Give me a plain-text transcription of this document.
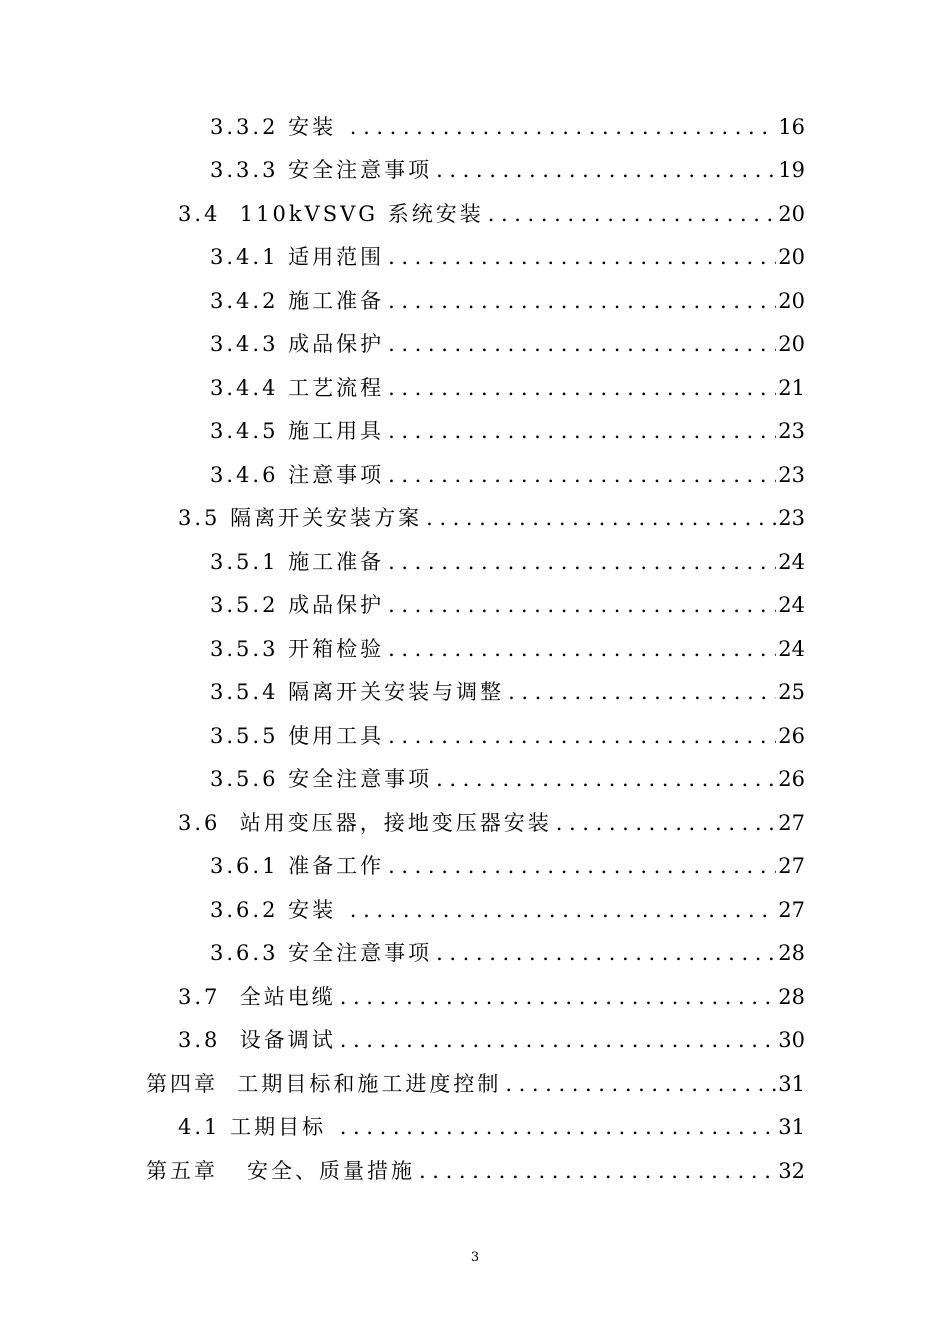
3.3.2 安装 .....	16
3.3.3 安全注意事项 .....	19
3.4  110kVSVG 系统安装 .....	20
3.4.1 适用范围 .....	20
3.4.2 施工准备 .....	20
3.4.3 成品保护 .....	20
3.4.4 工艺流程 .....	21
3.4.5 施工用具 .....	23
3.4.6 注意事项 .....	23
3.5 隔离开关安装方案 .....	23
3.5.1 施工准备 .....	24
3.5.2 成品保护 .....	24
3.5.3 开箱检验 .....	24
3.5.4 隔离开关安装与调整 .....	25
3.5.5 使用工具 .....	26
3.5.6 安全注意事项 .....	26
3.6  站用变压器，接地变压器安装 .....	27
3.6.1 准备工作 .....	27
3.6.2 安装 .....	27
3.6.3 安全注意事项 .....	28
3.7  全站电缆 .....	28
3.8  设备调试 .....	30
第四章  工期目标和施工进度控制 .....	31
4.1 工期目标 .....	31
第五章   安全、质量措施 .....	32
3
